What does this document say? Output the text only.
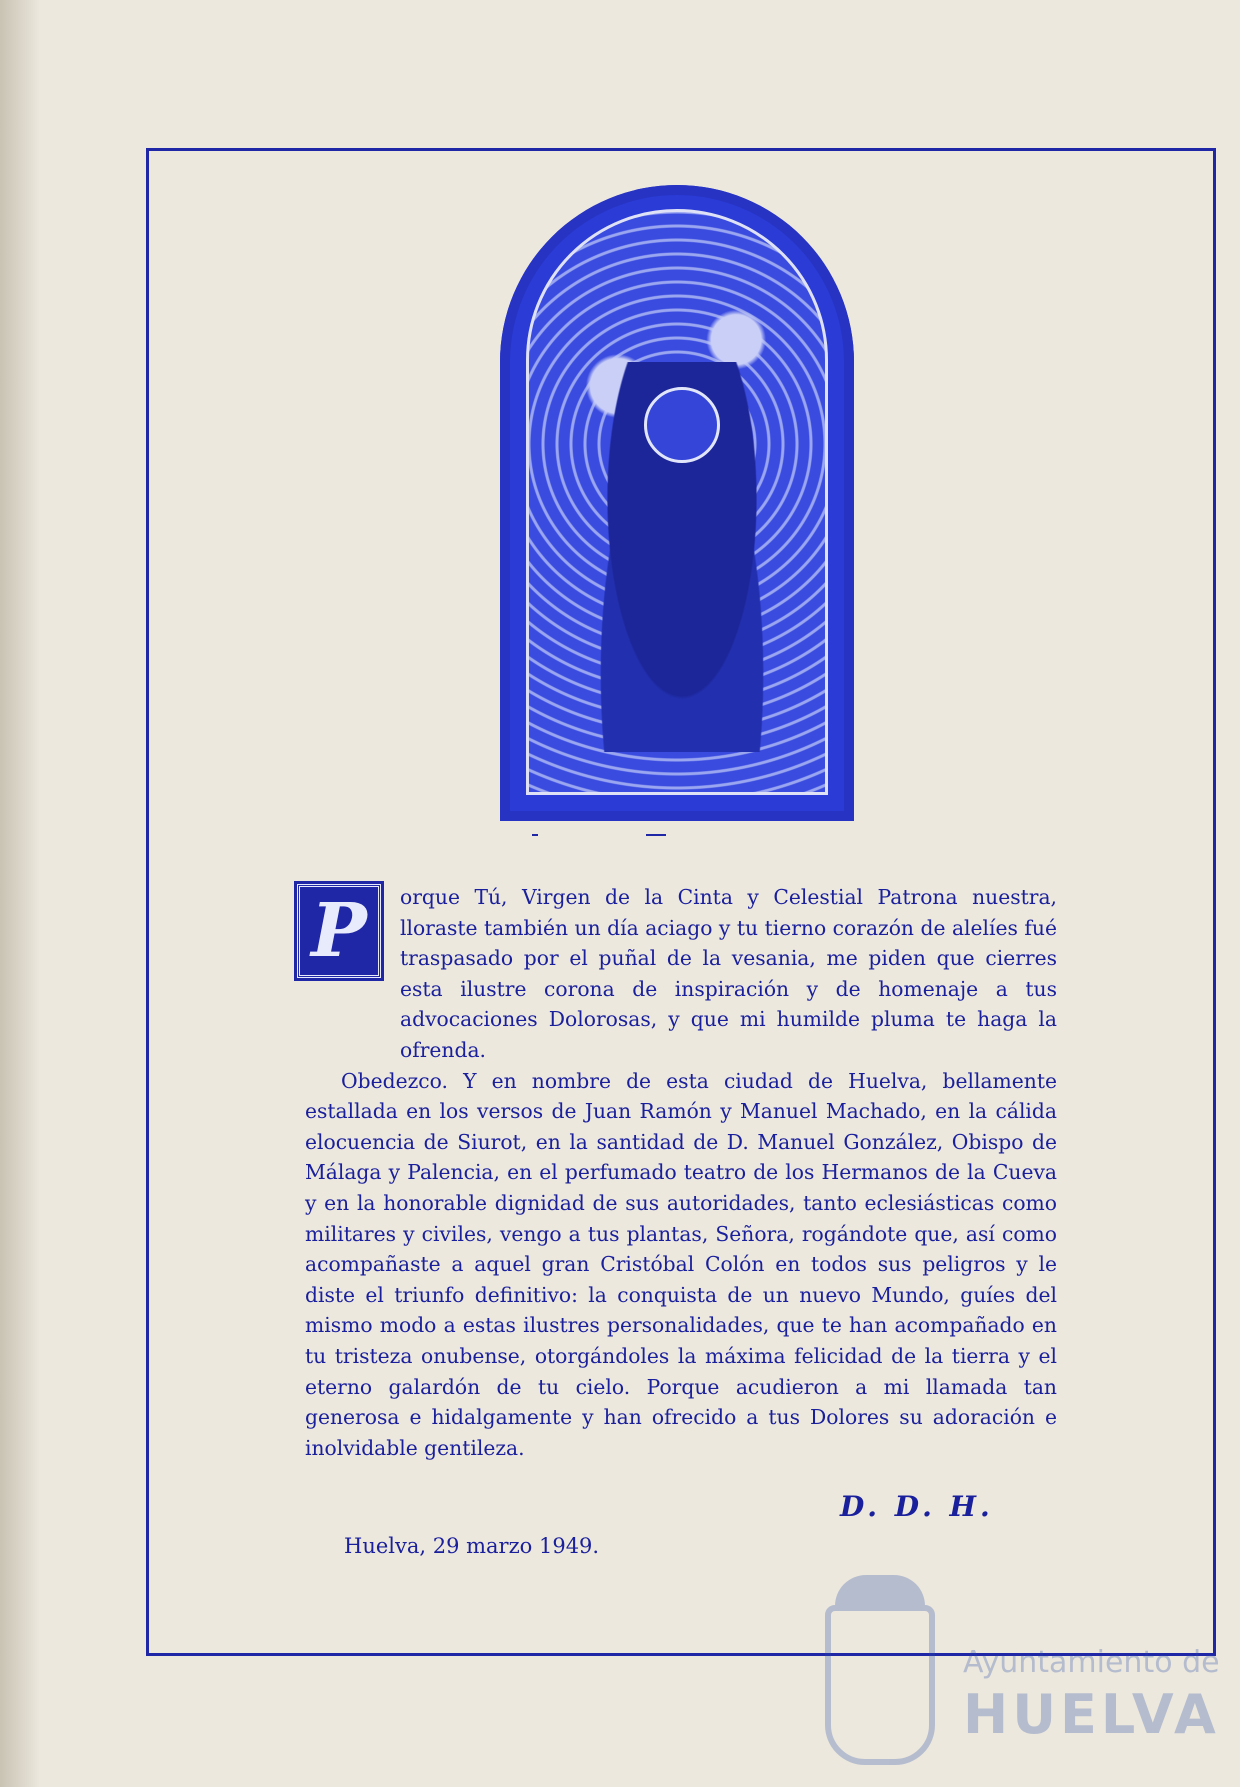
P	orque Tú, Virgen de la Cinta y Celestial Patrona nuestra, lloraste también un día aciago y tu tierno corazón de alelíes fué traspasado por el puñal de la vesania, me piden que cierres esta ilustre corona de inspiración y de homenaje a tus advocaciones Dolorosas, y que mi humilde pluma te haga la ofrenda.

Obedezco. Y en nombre de esta ciudad de Huelva, bellamente estallada en los versos de Juan Ramón y Manuel Machado, en la cálida elocuencia de Siurot, en la santidad de D. Manuel González, Obispo de Málaga y Palencia, en el perfumado teatro de los Hermanos de la Cueva y en la honorable dignidad de sus autoridades, tanto eclesiásticas como militares y civiles, vengo a tus plantas, Señora, rogándote que, así como acompañaste a aquel gran Cristóbal Colón en todos sus peligros y le diste el triunfo definitivo: la conquista de un nuevo Mundo, guíes del mismo modo a estas ilustres personalidades, que te han acompañado en tu tristeza onubense, otorgándoles la máxima felicidad de la tierra y el eterno galardón de tu cielo. Porque acudieron a mi llamada tan generosa e hidalgamente y han ofrecido a tus Dolores su adoración e inolvidable gentileza.

D. D. H.
Huelva, 29 marzo 1949.
Ayuntamiento de
HUELVA
